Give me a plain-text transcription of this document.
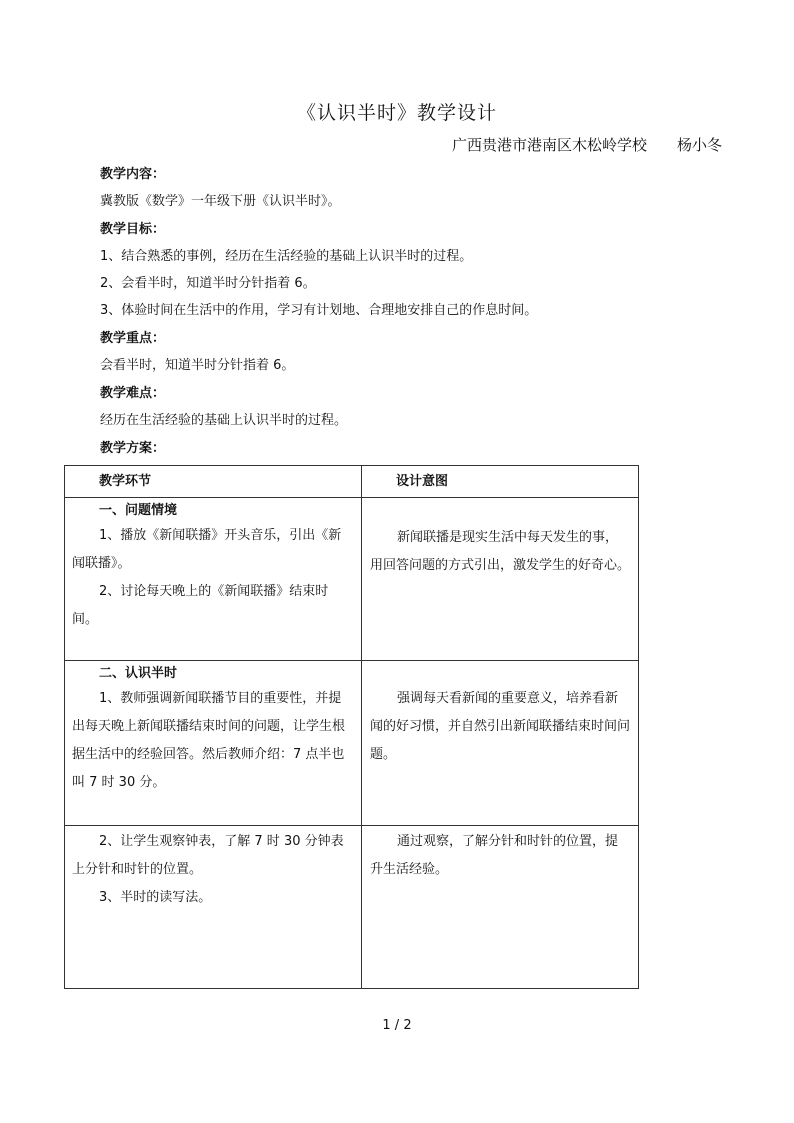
《认识半时》教学设计
广西贵港市港南区木松岭学校　　杨小冬
教学内容：
冀教版《数学》一年级下册《认识半时》。
教学目标：
1、结合熟悉的事例，经历在生活经验的基础上认识半时的过程。
2、会看半时，知道半时分针指着 6。
3、体验时间在生活中的作用，学习有计划地、合理地安排自己的作息时间。
教学重点：
会看半时，知道半时分针指着 6。
教学难点：
经历在生活经验的基础上认识半时的过程。
教学方案：
教学环节	设计意图

一、问题情境
1、播放《新闻联播》开头音乐，引出《新闻联播》。
2、讨论每天晚上的《新闻联播》结束时间。	新闻联播是现实生活中每天发生的事，用回答问题的方式引出，激发学生的好奇心。

二、认识半时
1、教师强调新闻联播节目的重要性，并提出每天晚上新闻联播结束时间的问题，让学生根据生活中的经验回答。然后教师介绍：7 点半也叫 7 时 30 分。	强调每天看新闻的重要意义，培养看新闻的好习惯，并自然引出新闻联播结束时间问题。

2、让学生观察钟表，了解 7 时 30 分钟表上分针和时针的位置。
3、半时的读写法。	通过观察，了解分针和时针的位置，提升生活经验。
1 / 2
